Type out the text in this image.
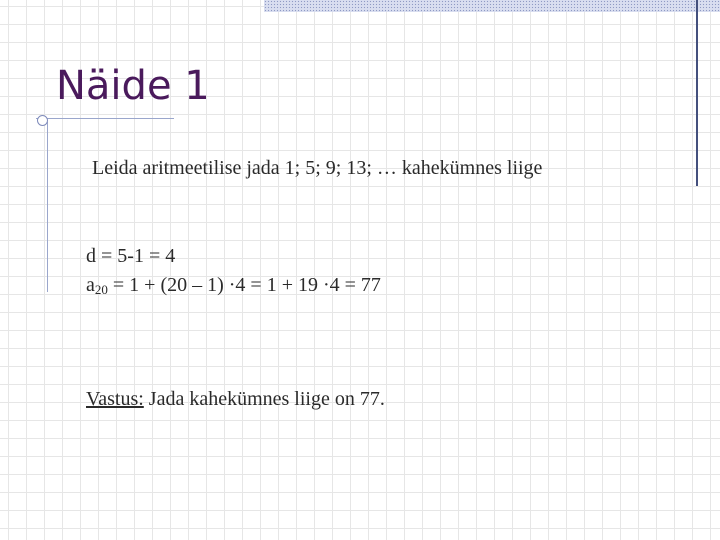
Näide 1

Leida aritmeetilise jada 1; 5; 9; 13; … kahekümnes liige

d = 5-1 = 4

$a_{20} = 1 + (20 - 1) \cdot 4 = 1 + 19 \cdot 4 = 77$

Vastus: Jada kahekümnes liige on 77.
